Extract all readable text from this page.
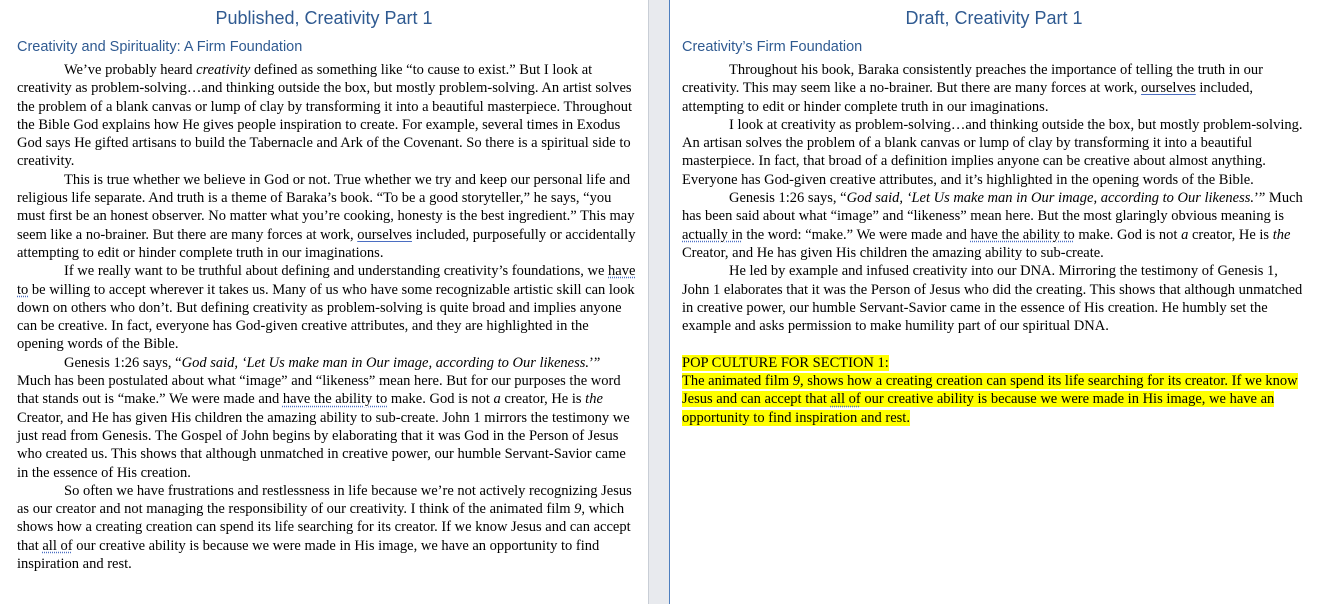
Published, Creativity Part 1
Creativity and Spirituality: A Firm Foundation

We’ve probably heard creativity defined as something like “to cause to exist.” But I look at creativity as problem-solving…and thinking outside the box, but mostly problem-solving. An artist solves the problem of a blank canvas or lump of clay by transforming it into a beautiful masterpiece. Throughout the Bible God explains how He gives people inspiration to create. For example, several times in Exodus God says He gifted artisans to build the Tabernacle and Ark of the Covenant. So there is a spiritual side to creativity.

This is true whether we believe in God or not. True whether we try and keep our personal life and religious life separate. And truth is a theme of Baraka’s book. “To be a good storyteller,” he says, “you must first be an honest observer. No matter what you’re cooking, honesty is the best ingredient.” This may seem like a no-brainer. But there are many forces at work, ourselves included, purposefully or accidentally attempting to edit or hinder complete truth in our imaginations.

If we really want to be truthful about defining and understanding creativity’s foundations, we have to be willing to accept wherever it takes us. Many of us who have some recognizable artistic skill can look down on others who don’t. But defining creativity as problem-solving is quite broad and implies anyone can be creative. In fact, everyone has God-given creative attributes, and they are highlighted in the opening words of the Bible.

Genesis 1:26 says, “God said, ‘Let Us make man in Our image, according to Our likeness.’” Much has been postulated about what “image” and “likeness” mean here. But for our purposes the word that stands out is “make.” We were made and have the ability to make. God is not a creator, He is the Creator, and He has given His children the amazing ability to sub-create. John 1 mirrors the testimony we just read from Genesis. The Gospel of John begins by elaborating that it was God in the Person of Jesus who created us. This shows that although unmatched in creative power, our humble Servant-Savior came in the essence of His creation.

So often we have frustrations and restlessness in life because we’re not actively recognizing Jesus as our creator and not managing the responsibility of our creativity. I think of the animated film 9, which shows how a creating creation can spend its life searching for its creator. If we know Jesus and can accept that all of our creative ability is because we were made in His image, we have an opportunity to find inspiration and rest.

Draft, Creativity Part 1
Creativity’s Firm Foundation

Throughout his book, Baraka consistently preaches the importance of telling the truth in our creativity. This may seem like a no-brainer. But there are many forces at work, ourselves included, attempting to edit or hinder complete truth in our imaginations.

I look at creativity as problem-solving…and thinking outside the box, but mostly problem-solving. An artisan solves the problem of a blank canvas or lump of clay by transforming it into a beautiful masterpiece. In fact, that broad of a definition implies anyone can be creative about almost anything. Everyone has God-given creative attributes, and it’s highlighted in the opening words of the Bible.

Genesis 1:26 says, “God said, ‘Let Us make man in Our image, according to Our likeness.’” Much has been said about what “image” and “likeness” mean here. But the most glaringly obvious meaning is actually in the word: “make.” We were made and have the ability to make. God is not a creator, He is the Creator, and He has given His children the amazing ability to sub-create.

He led by example and infused creativity into our DNA. Mirroring the testimony of Genesis 1, John 1 elaborates that it was the Person of Jesus who did the creating. This shows that although unmatched in creative power, our humble Servant-Savior came in the essence of His creation. He humbly set the example and asks permission to make humility part of our spiritual DNA.

POP CULTURE FOR SECTION 1:
The animated film 9, shows how a creating creation can spend its life searching for its creator. If we know Jesus and can accept that all of our creative ability is because we were made in His image, we have an opportunity to find inspiration and rest.
